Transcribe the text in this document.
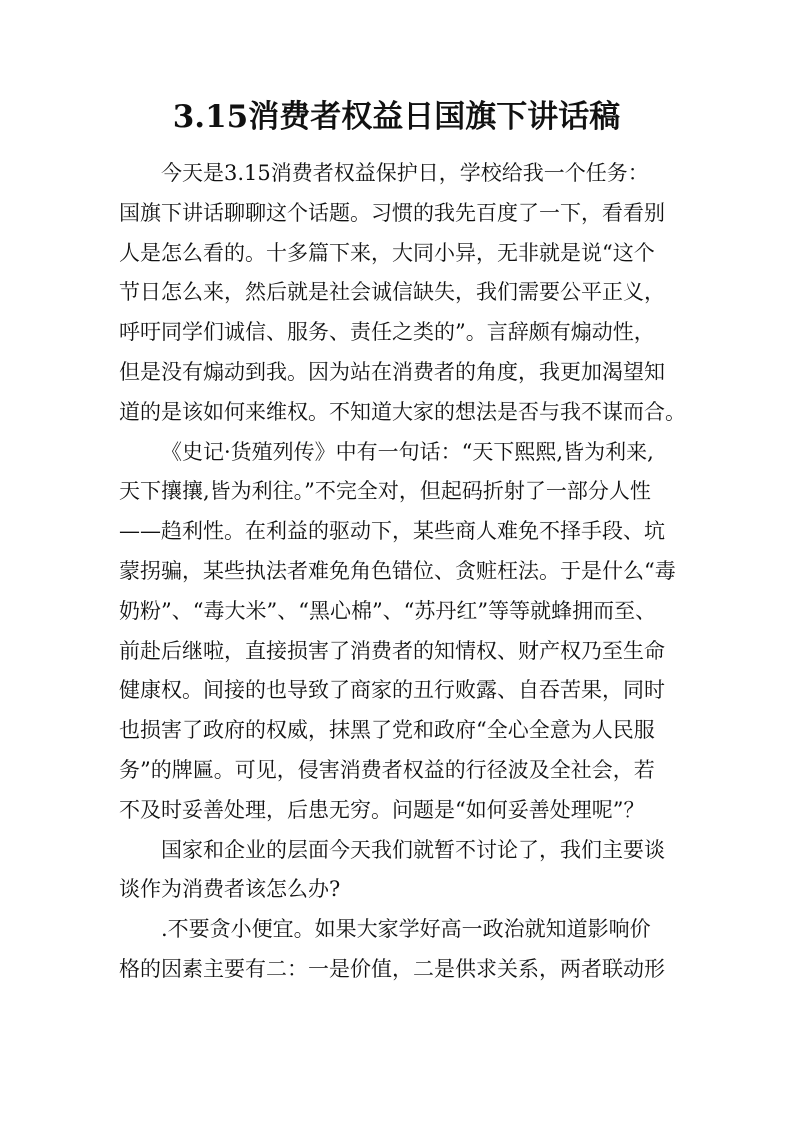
3.15消费者权益日国旗下讲话稿
今天是3.15消费者权益保护日，学校给我一个任务：
国旗下讲话聊聊这个话题。习惯的我先百度了一下，看看别
人是怎么看的。十多篇下来，大同小异，无非就是说“这个
节日怎么来，然后就是社会诚信缺失，我们需要公平正义，
呼吁同学们诚信、服务、责任之类的”。言辞颇有煽动性，
但是没有煽动到我。因为站在消费者的角度，我更加渴望知
道的是该如何来维权。不知道大家的想法是否与我不谋而合。
《史记·货殖列传》中有一句话：“天下熙熙,皆为利来,
天下攘攘,皆为利往。”不完全对，但起码折射了一部分人性
——趋利性。在利益的驱动下，某些商人难免不择手段、坑
蒙拐骗，某些执法者难免角色错位、贪赃枉法。于是什么“毒
奶粉”、“毒大米”、“黑心棉”、“苏丹红”等等就蜂拥而至、
前赴后继啦，直接损害了消费者的知情权、财产权乃至生命
健康权。间接的也导致了商家的丑行败露、自吞苦果，同时
也损害了政府的权威，抹黑了党和政府“全心全意为人民服
务”的牌匾。可见，侵害消费者权益的行径波及全社会，若
不及时妥善处理，后患无穷。问题是“如何妥善处理呢”？
国家和企业的层面今天我们就暂不讨论了，我们主要谈
谈作为消费者该怎么办?
.不要贪小便宜。如果大家学好高一政治就知道影响价
格的因素主要有二：一是价值，二是供求关系，两者联动形
